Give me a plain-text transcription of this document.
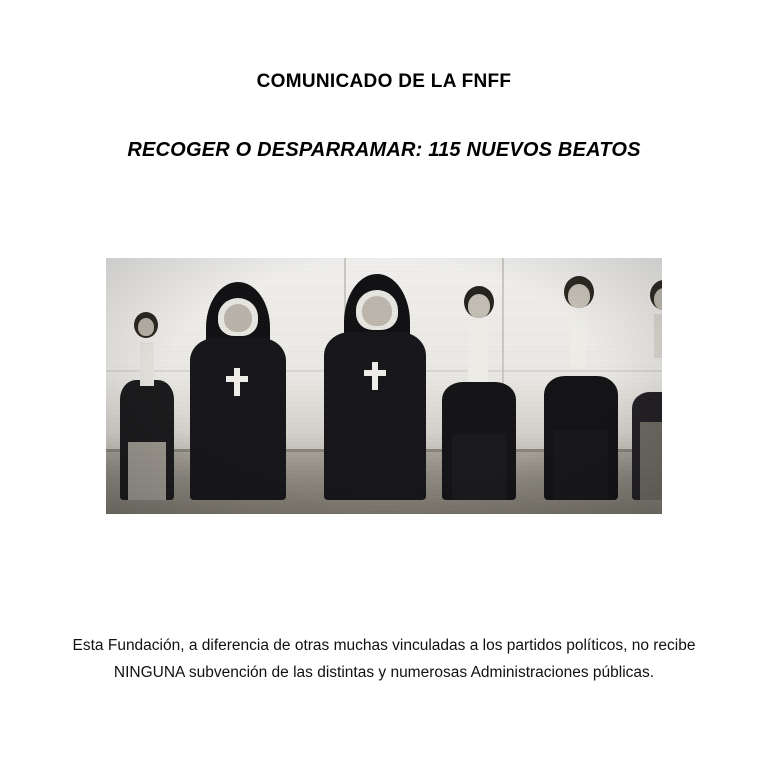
COMUNICADO DE LA FNFF
RECOGER O DESPARRAMAR: 115 NUEVOS BEATOS
Esta Fundación, a diferencia de otras muchas vinculadas a los partidos políticos, no recibe
NINGUNA subvención de las distintas y numerosas Administraciones públicas.
